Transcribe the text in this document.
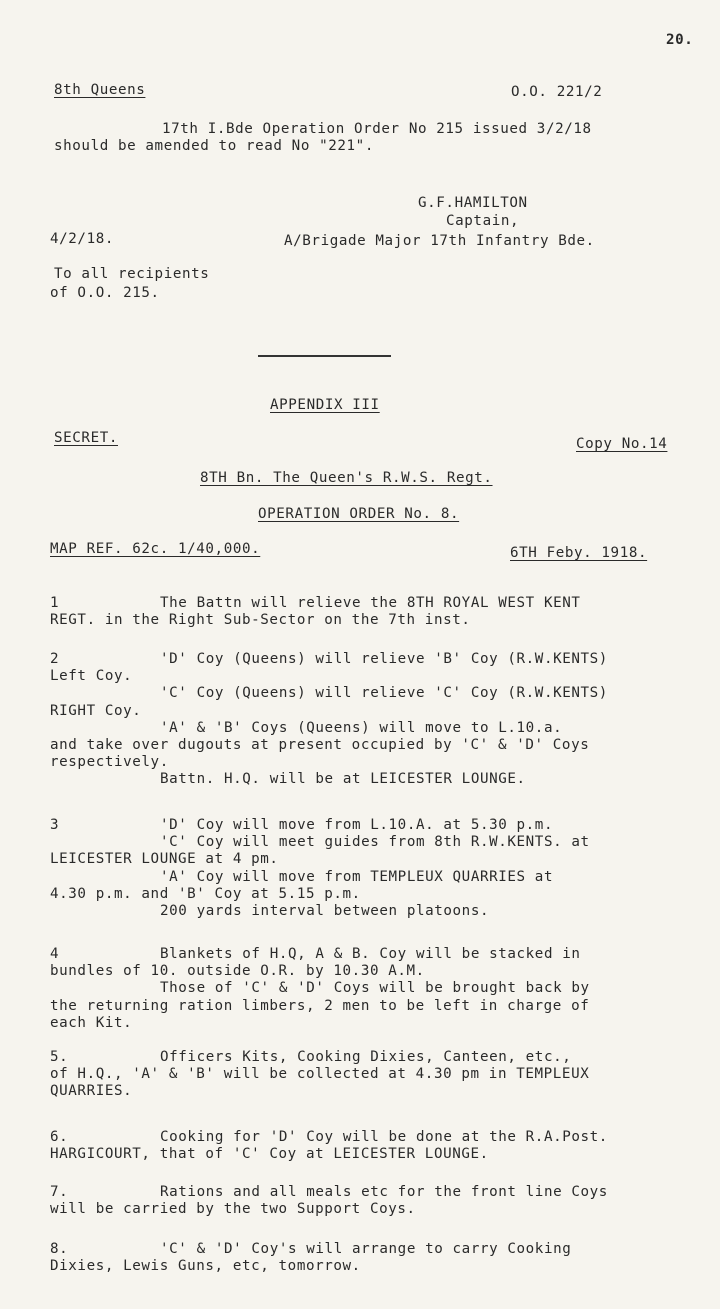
20.
8th Queens	O.O. 221/2
17th I.Bde Operation Order No 215 issued 3/2/18
should be amended to read No "221".
G.F.HAMILTON
Captain,
4/2/18.	A/Brigade Major 17th Infantry Bde.
To all recipients
of O.O. 215.
APPENDIX III
SECRET.	Copy No.14
8TH Bn. The Queen's R.W.S. Regt.
OPERATION ORDER No. 8.
MAP REF. 62c. 1/40,000.	6TH Feby. 1918.
1	The Battn will relieve the 8TH ROYAL WEST KENT
REGT. in the Right Sub-Sector on the 7th inst.
2	'D' Coy (Queens) will relieve 'B' Coy (R.W.KENTS)
Left Coy.
'C' Coy (Queens) will relieve 'C' Coy (R.W.KENTS)
RIGHT Coy.
'A' & 'B' Coys (Queens) will move to L.10.a.
and take over dugouts at present occupied by 'C' & 'D' Coys
respectively.
Battn. H.Q. will be at LEICESTER LOUNGE.
3	'D' Coy will move from L.10.A. at 5.30 p.m.
'C' Coy will meet guides from 8th R.W.KENTS. at
LEICESTER LOUNGE at 4 pm.
'A' Coy will move from TEMPLEUX QUARRIES at
4.30 p.m. and 'B' Coy at 5.15 p.m.
200 yards interval between platoons.
4	Blankets of H.Q, A & B. Coy will be stacked in
bundles of 10. outside O.R. by 10.30 A.M.
Those of 'C' & 'D' Coys will be brought back by
the returning ration limbers, 2 men to be left in charge of
each Kit.
5.	Officers Kits, Cooking Dixies, Canteen, etc.,
of H.Q., 'A' & 'B' will be collected at 4.30 pm in TEMPLEUX
QUARRIES.
6.	Cooking for 'D' Coy will be done at the R.A.Post.
HARGICOURT, that of 'C' Coy at LEICESTER LOUNGE.
7.	Rations and all meals etc for the front line Coys
will be carried by the two Support Coys.
8.	'C' & 'D' Coy's will arrange to carry Cooking
Dixies, Lewis Guns, etc, tomorrow.
